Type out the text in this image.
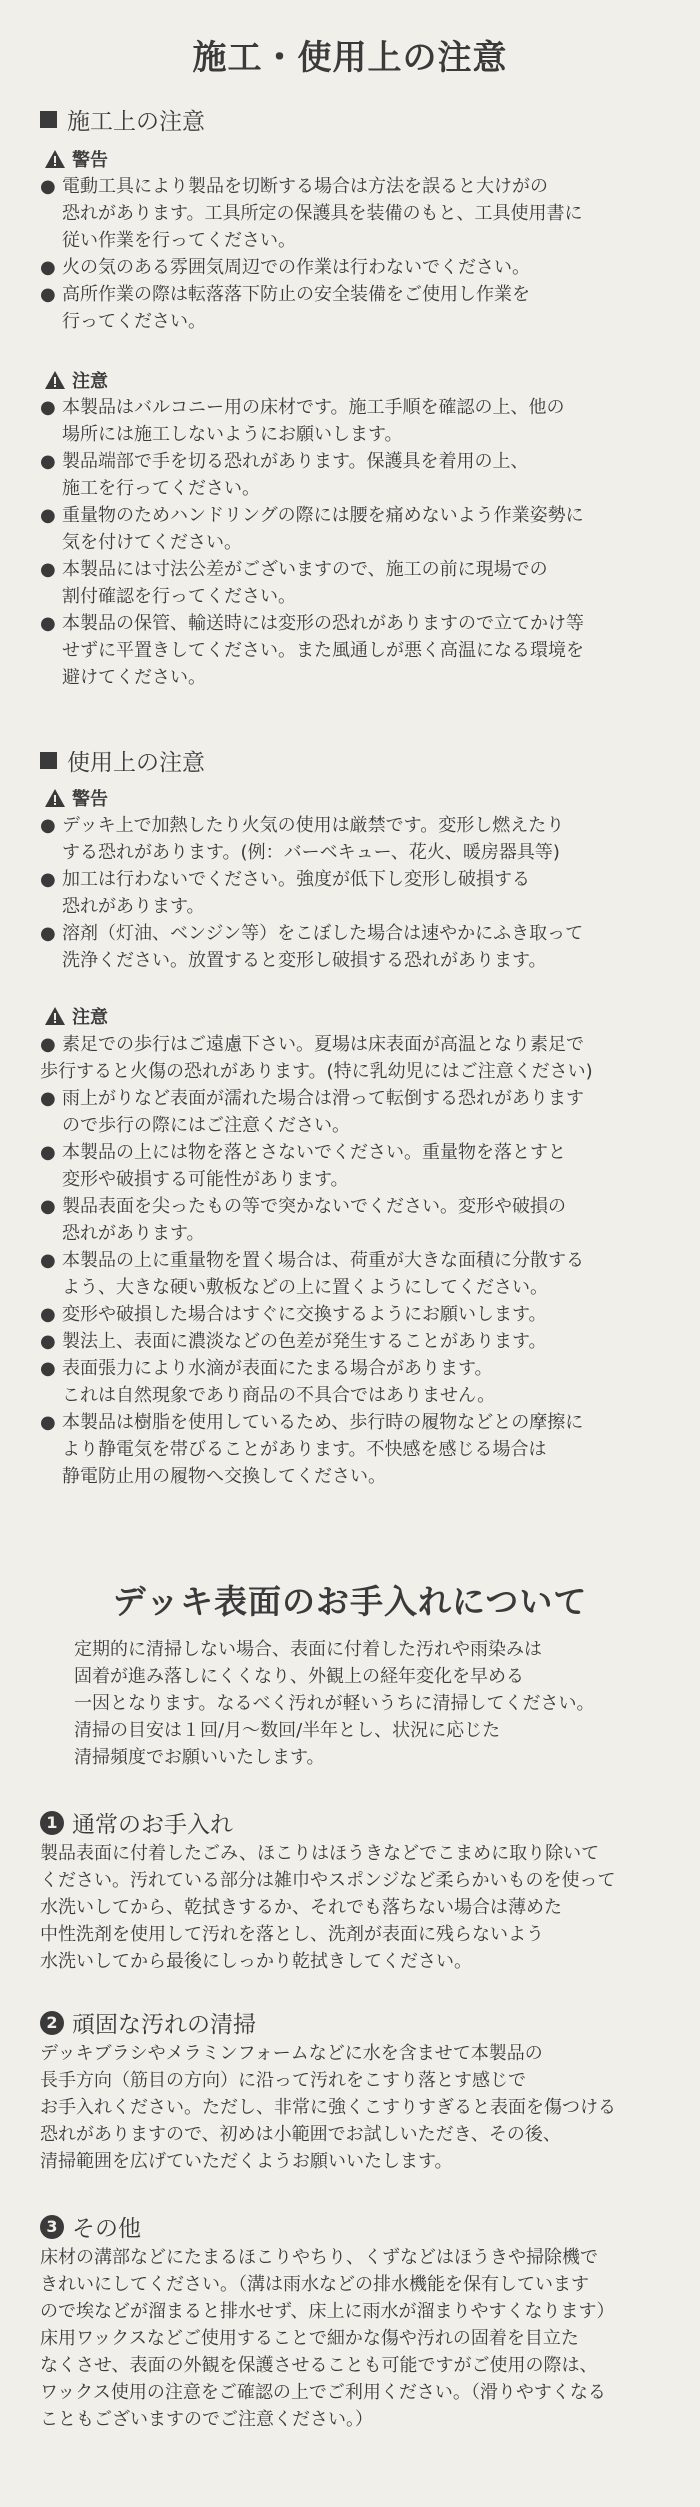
施工・使用上の注意
施工上の注意
警告
● 電動工具により製品を切断する場合は方法を誤ると大けがの
恐れがあります。工具所定の保護具を装備のもと、工具使用書に
従い作業を行ってください。
● 火の気のある雰囲気周辺での作業は行わないでください。
● 高所作業の際は転落落下防止の安全装備をご使用し作業を
行ってください。
注意
● 本製品はバルコニー用の床材です。施工手順を確認の上、他の
場所には施工しないようにお願いします。
● 製品端部で手を切る恐れがあります。保護具を着用の上、
施工を行ってください。
● 重量物のためハンドリングの際には腰を痛めないよう作業姿勢に
気を付けてください。
● 本製品には寸法公差がございますので、施工の前に現場での
割付確認を行ってください。
● 本製品の保管、輸送時には変形の恐れがありますので立てかけ等
せずに平置きしてください。また風通しが悪く高温になる環境を
避けてください。
使用上の注意
警告
● デッキ上で加熱したり火気の使用は厳禁です。変形し燃えたり
する恐れがあります。(例：バーベキュー、花火、暖房器具等)
● 加工は行わないでください。強度が低下し変形し破損する
恐れがあります。
● 溶剤（灯油、ベンジン等）をこぼした場合は速やかにふき取って
洗浄ください。放置すると変形し破損する恐れがあります。
注意
● 素足での歩行はご遠慮下さい。夏場は床表面が高温となり素足で
歩行すると火傷の恐れがあります。(特に乳幼児にはご注意ください)
● 雨上がりなど表面が濡れた場合は滑って転倒する恐れがあります
ので歩行の際にはご注意ください。
● 本製品の上には物を落とさないでください。重量物を落とすと
変形や破損する可能性があります。
● 製品表面を尖ったもの等で突かないでください。変形や破損の
恐れがあります。
● 本製品の上に重量物を置く場合は、荷重が大きな面積に分散する
よう、大きな硬い敷板などの上に置くようにしてください。
● 変形や破損した場合はすぐに交換するようにお願いします。
● 製法上、表面に濃淡などの色差が発生することがあります。
● 表面張力により水滴が表面にたまる場合があります。
これは自然現象であり商品の不具合ではありません。
● 本製品は樹脂を使用しているため、歩行時の履物などとの摩擦に
より静電気を帯びることがあります。不快感を感じる場合は
静電防止用の履物へ交換してください。
デッキ表面のお手入れについて
定期的に清掃しない場合、表面に付着した汚れや雨染みは
固着が進み落しにくくなり、外観上の経年変化を早める
一因となります。なるべく汚れが軽いうちに清掃してください。
清掃の目安は１回/月～数回/半年とし、状況に応じた
清掃頻度でお願いいたします。
1 通常のお手入れ
製品表面に付着したごみ、ほこりはほうきなどでこまめに取り除いて
ください。汚れている部分は雑巾やスポンジなど柔らかいものを使って
水洗いしてから、乾拭きするか、それでも落ちない場合は薄めた
中性洗剤を使用して汚れを落とし、洗剤が表面に残らないよう
水洗いしてから最後にしっかり乾拭きしてください。
2 頑固な汚れの清掃
デッキブラシやメラミンフォームなどに水を含ませて本製品の
長手方向（筋目の方向）に沿って汚れをこすり落とす感じで
お手入れください。ただし、非常に強くこすりすぎると表面を傷つける
恐れがありますので、初めは小範囲でお試しいただき、その後、
清掃範囲を広げていただくようお願いいたします。
3 その他
床材の溝部などにたまるほこりやちり、くずなどはほうきや掃除機で
きれいにしてください。（溝は雨水などの排水機能を保有しています
ので埃などが溜まると排水せず、床上に雨水が溜まりやすくなります）
床用ワックスなどご使用することで細かな傷や汚れの固着を目立た
なくさせ、表面の外観を保護させることも可能ですがご使用の際は、
ワックス使用の注意をご確認の上でご利用ください。（滑りやすくなる
こともございますのでご注意ください。）
